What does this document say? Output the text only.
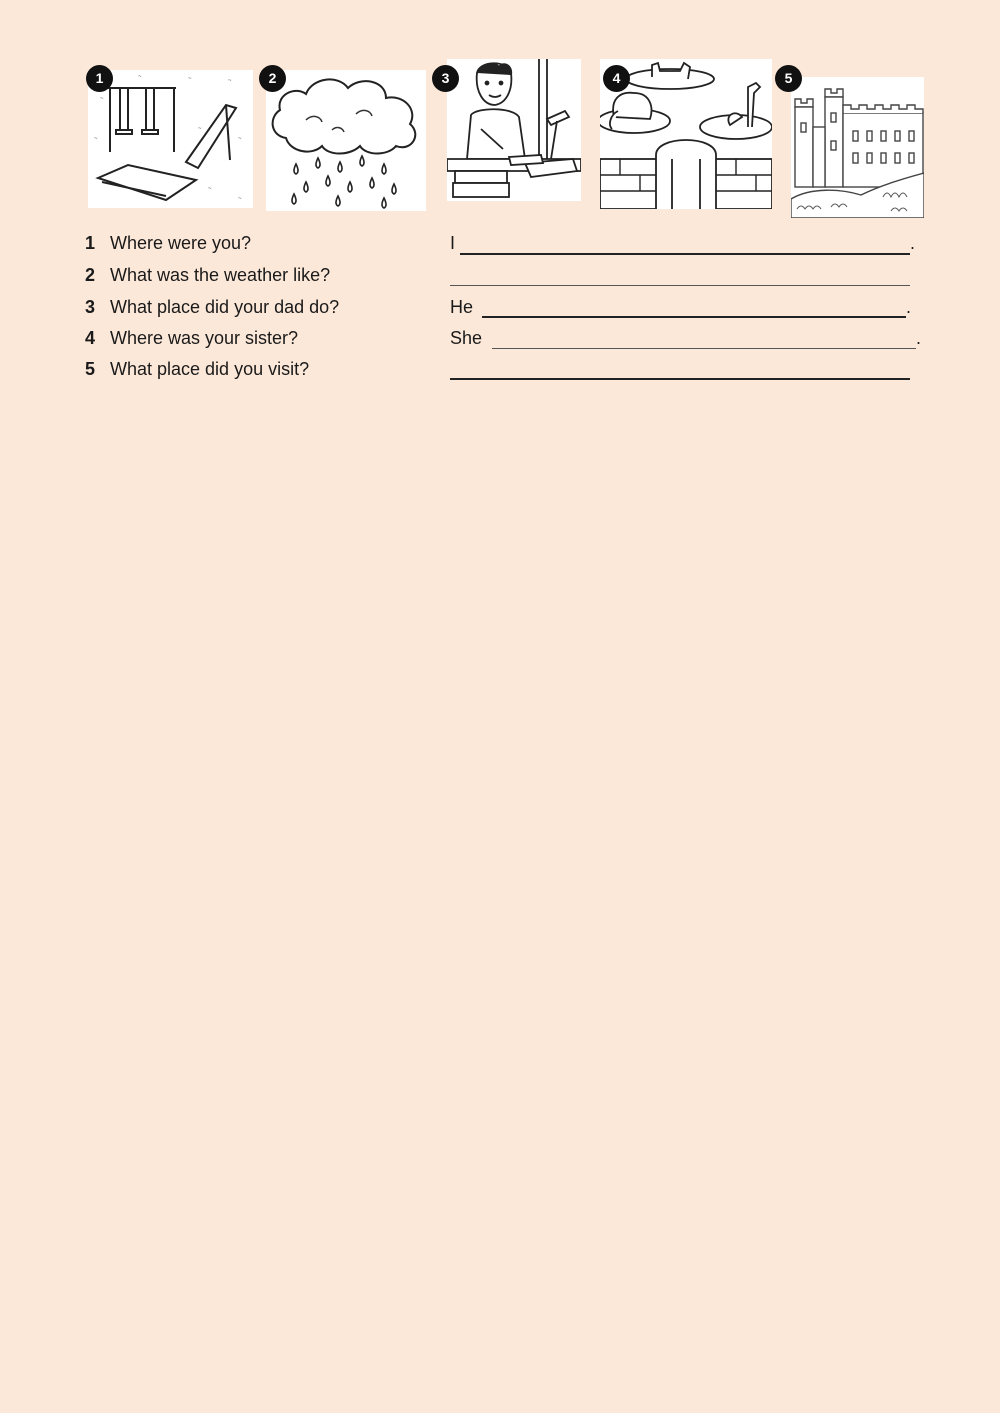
~	~	~
~
~
~
~
~
~
1	2	3	4	5
1 Where were you?	I	.
2 What was the weather like?
3 What place did your dad do?	He	.
4 Where was your sister?	She	.
5 What place did you visit?
